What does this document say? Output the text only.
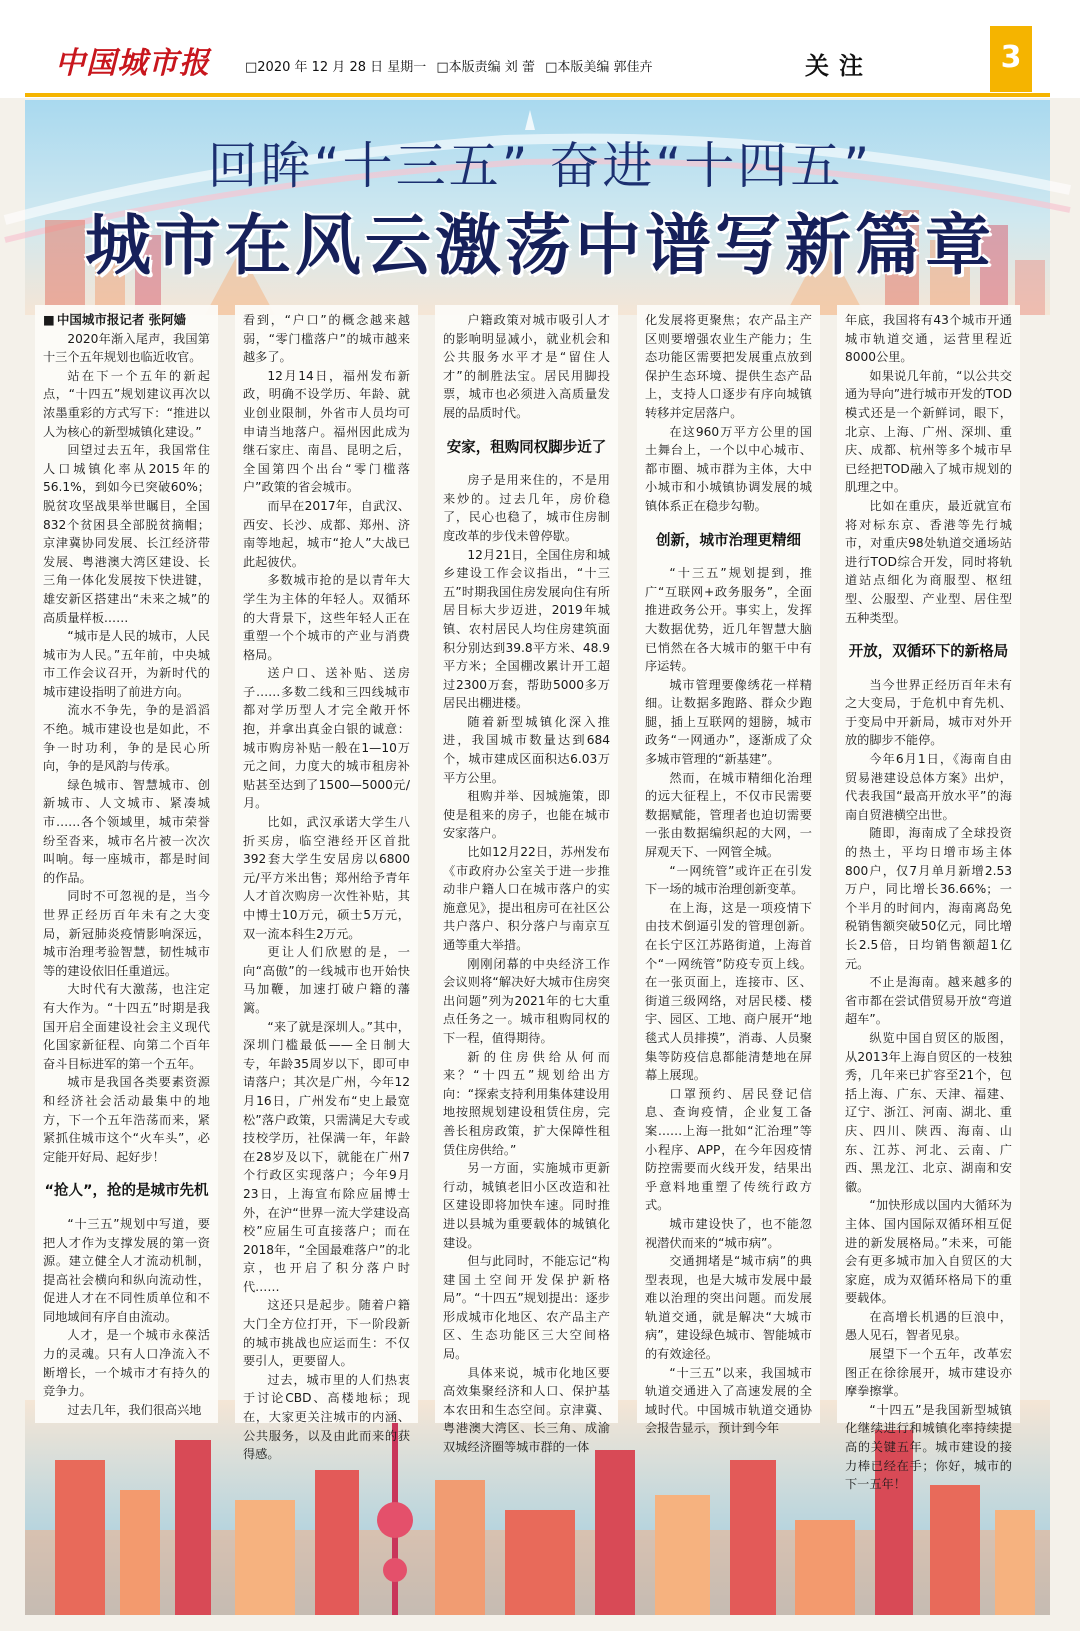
中国城市报	□2020 年 12 月 28 日 星期一 □本版责编 刘 蕾 □本版美编 郭佳卉	关注	3
回眸“十三五” 奋进“十四五”
城市在风云激荡中谱写新篇章

■ 中国城市报记者 张阿嫱

2020年渐入尾声，我国第十三个五年规划也临近收官。

站在下一个五年的新起点，“十四五”规划建议再次以浓墨重彩的方式写下：“推进以人为核心的新型城镇化建设。”

回望过去五年，我国常住人口城镇化率从2015年的56.1%，到如今已突破60%；脱贫攻坚战果举世瞩目，全国832个贫困县全部脱贫摘帽；京津冀协同发展、长江经济带发展、粤港澳大湾区建设、长三角一体化发展按下快进键，雄安新区搭建出“未来之城”的高质量样板……

“城市是人民的城市，人民城市为人民。”五年前，中央城市工作会议召开，为新时代的城市建设指明了前进方向。

流水不争先，争的是滔滔不绝。城市建设也是如此，不争一时功利，争的是民心所向，争的是风韵与传承。

绿色城市、智慧城市、创新城市、人文城市、紧凑城市……各个领域里，城市荣誉纷至沓来，城市名片被一次次叫响。每一座城市，都是时间的作品。

同时不可忽视的是，当今世界正经历百年未有之大变局，新冠肺炎疫情影响深远，城市治理考验智慧，韧性城市等的建设依旧任重道远。

大时代有大激荡，也注定有大作为。“十四五”时期是我国开启全面建设社会主义现代化国家新征程、向第二个百年奋斗目标进军的第一个五年。

城市是我国各类要素资源和经济社会活动最集中的地方，下一个五年浩荡而来，紧紧抓住城市这个“火车头”，必定能开好局、起好步！

“抢人”，抢的是城市先机

“十三五”规划中写道，要把人才作为支撑发展的第一资源。建立健全人才流动机制，提高社会横向和纵向流动性，促进人才在不同性质单位和不同地域间有序自由流动。

人才，是一个城市永葆活力的灵魂。只有人口净流入不断增长，一个城市才有持久的竞争力。

过去几年，我们很高兴地

看到，“户口”的概念越来越弱，“零门槛落户”的城市越来越多了。

12月14日，福州发布新政，明确不设学历、年龄、就业创业限制，外省市人员均可申请当地落户。福州因此成为继石家庄、南昌、昆明之后，全国第四个出台“零门槛落户”政策的省会城市。

而早在2017年，自武汉、西安、长沙、成都、郑州、济南等地起，城市“抢人”大战已此起彼伏。

多数城市抢的是以青年大学生为主体的年轻人。双循环的大背景下，这些年轻人正在重塑一个个城市的产业与消费格局。

送户口、送补贴、送房子……多数二线和三四线城市都对学历型人才完全敞开怀抱，并拿出真金白银的诚意：城市购房补贴一般在1—10万元之间，力度大的城市租房补贴甚至达到了1500—5000元/月。

比如，武汉承诺大学生八折买房，临空港经开区首批392套大学生安居房以6800元/平方米出售；郑州给予青年人才首次购房一次性补贴，其中博士10万元，硕士5万元，双一流本科生2万元。

更让人们欣慰的是，一向“高傲”的一线城市也开始快马加鞭，加速打破户籍的藩篱。

“来了就是深圳人。”其中，深圳门槛最低——全日制大专，年龄35周岁以下，即可申请落户；其次是广州，今年12月16日，广州发布“史上最宽松”落户政策，只需满足大专或技校学历，社保满一年，年龄在28岁及以下，就能在广州7个行政区实现落户；今年9月23日，上海宣布除应届博士外，在沪“世界一流大学建设高校”应届生可直接落户；而在2018年，“全国最难落户”的北京，也开启了积分落户时代……

这还只是起步。随着户籍大门全方位打开，下一阶段新的城市挑战也应运而生：不仅要引人，更要留人。

过去，城市里的人们热衷于讨论CBD、高楼地标；现在，大家更关注城市的内涵、公共服务，以及由此而来的获得感。

户籍政策对城市吸引人才的影响明显减小，就业机会和公共服务水平才是“留住人才”的制胜法宝。居民用脚投票，城市也必须进入高质量发展的品质时代。

安家，租购同权脚步近了

房子是用来住的，不是用来炒的。过去几年，房价稳了，民心也稳了，城市住房制度改革的步伐未曾停歇。

12月21日，全国住房和城乡建设工作会议指出，“十三五”时期我国住房发展向住有所居目标大步迈进，2019年城镇、农村居民人均住房建筑面积分别达到39.8平方米、48.9平方米；全国棚改累计开工超过2300万套，帮助5000多万居民出棚进楼。

随着新型城镇化深入推进，我国城市数量达到684个，城市建成区面积达6.03万平方公里。

租购并举、因城施策，即使是租来的房子，也能在城市安家落户。

比如12月22日，苏州发布《市政府办公室关于进一步推动非户籍人口在城市落户的实施意见》，提出租房可在社区公共户落户、积分落户与南京互通等重大举措。

刚刚闭幕的中央经济工作会议则将“解决好大城市住房突出问题”列为2021年的七大重点任务之一。城市租购同权的下一程，值得期待。

新的住房供给从何而来？“十四五”规划给出方向：“探索支持利用集体建设用地按照规划建设租赁住房，完善长租房政策，扩大保障性租赁住房供给。”

另一方面，实施城市更新行动，城镇老旧小区改造和社区建设即将加快车速。同时推进以县城为重要载体的城镇化建设。

但与此同时，不能忘记“构建国土空间开发保护新格局”。“十四五”规划提出：逐步形成城市化地区、农产品主产区、生态功能区三大空间格局。

具体来说，城市化地区要高效集聚经济和人口、保护基本农田和生态空间。京津冀、粤港澳大湾区、长三角、成渝双城经济圈等城市群的一体

化发展将更聚焦；农产品主产区则要增强农业生产能力；生态功能区需要把发展重点放到保护生态环境、提供生态产品上，支持人口逐步有序向城镇转移并定居落户。

在这960万平方公里的国土舞台上，一个以中心城市、都市圈、城市群为主体，大中小城市和小城镇协调发展的城镇体系正在稳步勾勒。

创新，城市治理更精细

“十三五”规划提到，推广“互联网+政务服务”，全面推进政务公开。事实上，发挥大数据优势，近几年智慧大脑已悄然在各大城市的躯干中有序运转。

城市管理要像绣花一样精细。让数据多跑路、群众少跑腿，插上互联网的翅膀，城市政务“一网通办”，逐渐成了众多城市管理的“新基建”。

然而，在城市精细化治理的远大征程上，不仅市民需要数据赋能，管理者也迫切需要一张由数据编织起的大网，一屏观天下、一网管全城。

“一网统管”或许正在引发下一场的城市治理创新变革。

在上海，这是一项疫情下由技术倒逼引发的管理创新。在长宁区江苏路街道，上海首个“一网统管”防疫专页上线。在一张页面上，连接市、区、街道三级网络，对居民楼、楼宇、园区、工地、商户展开“地毯式人员排摸”，消毒、人员聚集等防疫信息都能清楚地在屏幕上展现。

口罩预约、居民登记信息、查询疫情，企业复工备案……上海一批如“汇治理”等小程序、APP，在今年因疫情防控需要而火线开发，结果出乎意料地重塑了传统行政方式。

城市建设快了，也不能忽视潜伏而来的“城市病”。

交通拥堵是“城市病”的典型表现，也是大城市发展中最难以治理的突出问题。而发展轨道交通，就是解决“大城市病”，建设绿色城市、智能城市的有效途径。

“十三五”以来，我国城市轨道交通进入了高速发展的全域时代。中国城市轨道交通协会报告显示，预计到今年

年底，我国将有43个城市开通城市轨道交通，运营里程近8000公里。

如果说几年前，“以公共交通为导向”进行城市开发的TOD模式还是一个新鲜词，眼下，北京、上海、广州、深圳、重庆、成都、杭州等多个城市早已经把TOD融入了城市规划的肌理之中。

比如在重庆，最近就宣布将对标东京、香港等先行城市，对重庆98处轨道交通场站进行TOD综合开发，同时将轨道站点细化为商服型、枢纽型、公服型、产业型、居住型五种类型。

开放，双循环下的新格局

当今世界正经历百年未有之大变局，于危机中育先机、于变局中开新局，城市对外开放的脚步不能停。

今年6月1日，《海南自由贸易港建设总体方案》出炉，代表我国“最高开放水平”的海南自贸港横空出世。

随即，海南成了全球投资的热土，平均日增市场主体800户，仅7月单月新增2.53万户，同比增长36.66%；一个半月的时间内，海南离岛免税销售额突破50亿元，同比增长2.5倍，日均销售额超1亿元。

不止是海南。越来越多的省市都在尝试借贸易开放“弯道超车”。

纵览中国自贸区的版图，从2013年上海自贸区的一枝独秀，几年来已扩容至21个，包括上海、广东、天津、福建、辽宁、浙江、河南、湖北、重庆、四川、陕西、海南、山东、江苏、河北、云南、广西、黑龙江、北京、湖南和安徽。

“加快形成以国内大循环为主体、国内国际双循环相互促进的新发展格局。”未来，可能会有更多城市加入自贸区的大家庭，成为双循环格局下的重要载体。

在高增长机遇的巨浪中，愚人见石，智者见泉。

展望下一个五年，改革宏图正在徐徐展开，城市建设亦摩拳擦掌。

“十四五”是我国新型城镇化继续进行和城镇化率持续提高的关键五年。城市建设的接力棒已经在手；你好，城市的下一五年！
